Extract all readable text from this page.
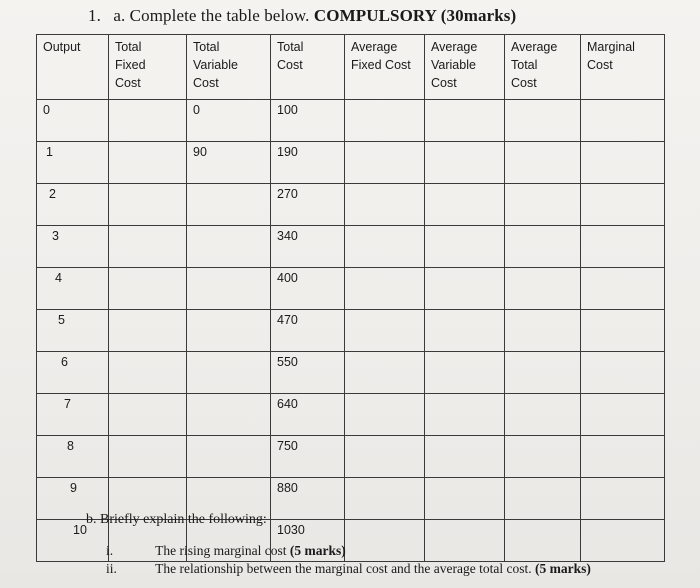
1. a. Complete the table below. COMPULSORY (30marks)
Output	Total
Fixed
Cost	Total
Variable
Cost	Total
Cost	Average
Fixed Cost	Average
Variable
Cost	Average
Total
Cost	Marginal
Cost

0		0	100				
1		90	190				
2			270				
3			340				
4			400				
5			470				
6			550				
7			640				
8			750				
9			880				
10			1030				
b. Briefly explain the following:
i.	The rising marginal cost (5 marks)
ii.	The relationship between the marginal cost and the average total cost. (5 marks)
